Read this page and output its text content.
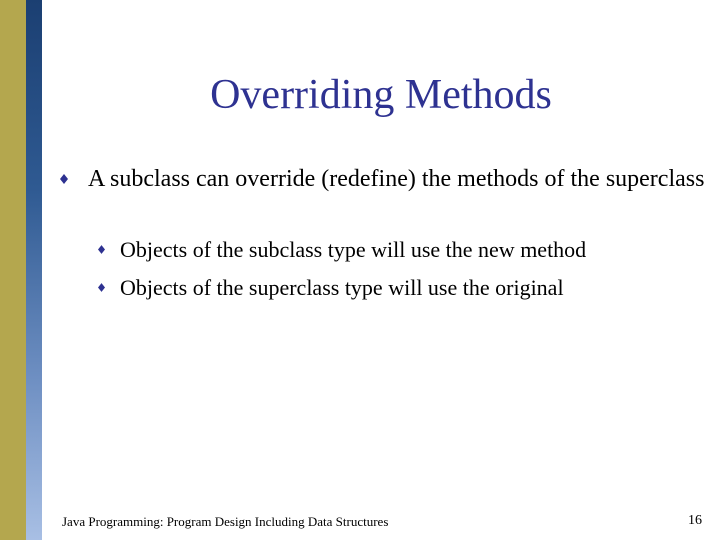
Overriding Methods
A subclass can override (redefine) the methods of the superclass
Objects of the subclass type will use the new method
Objects of the superclass type will use the original
Java Programming: Program Design Including Data Structures	16
